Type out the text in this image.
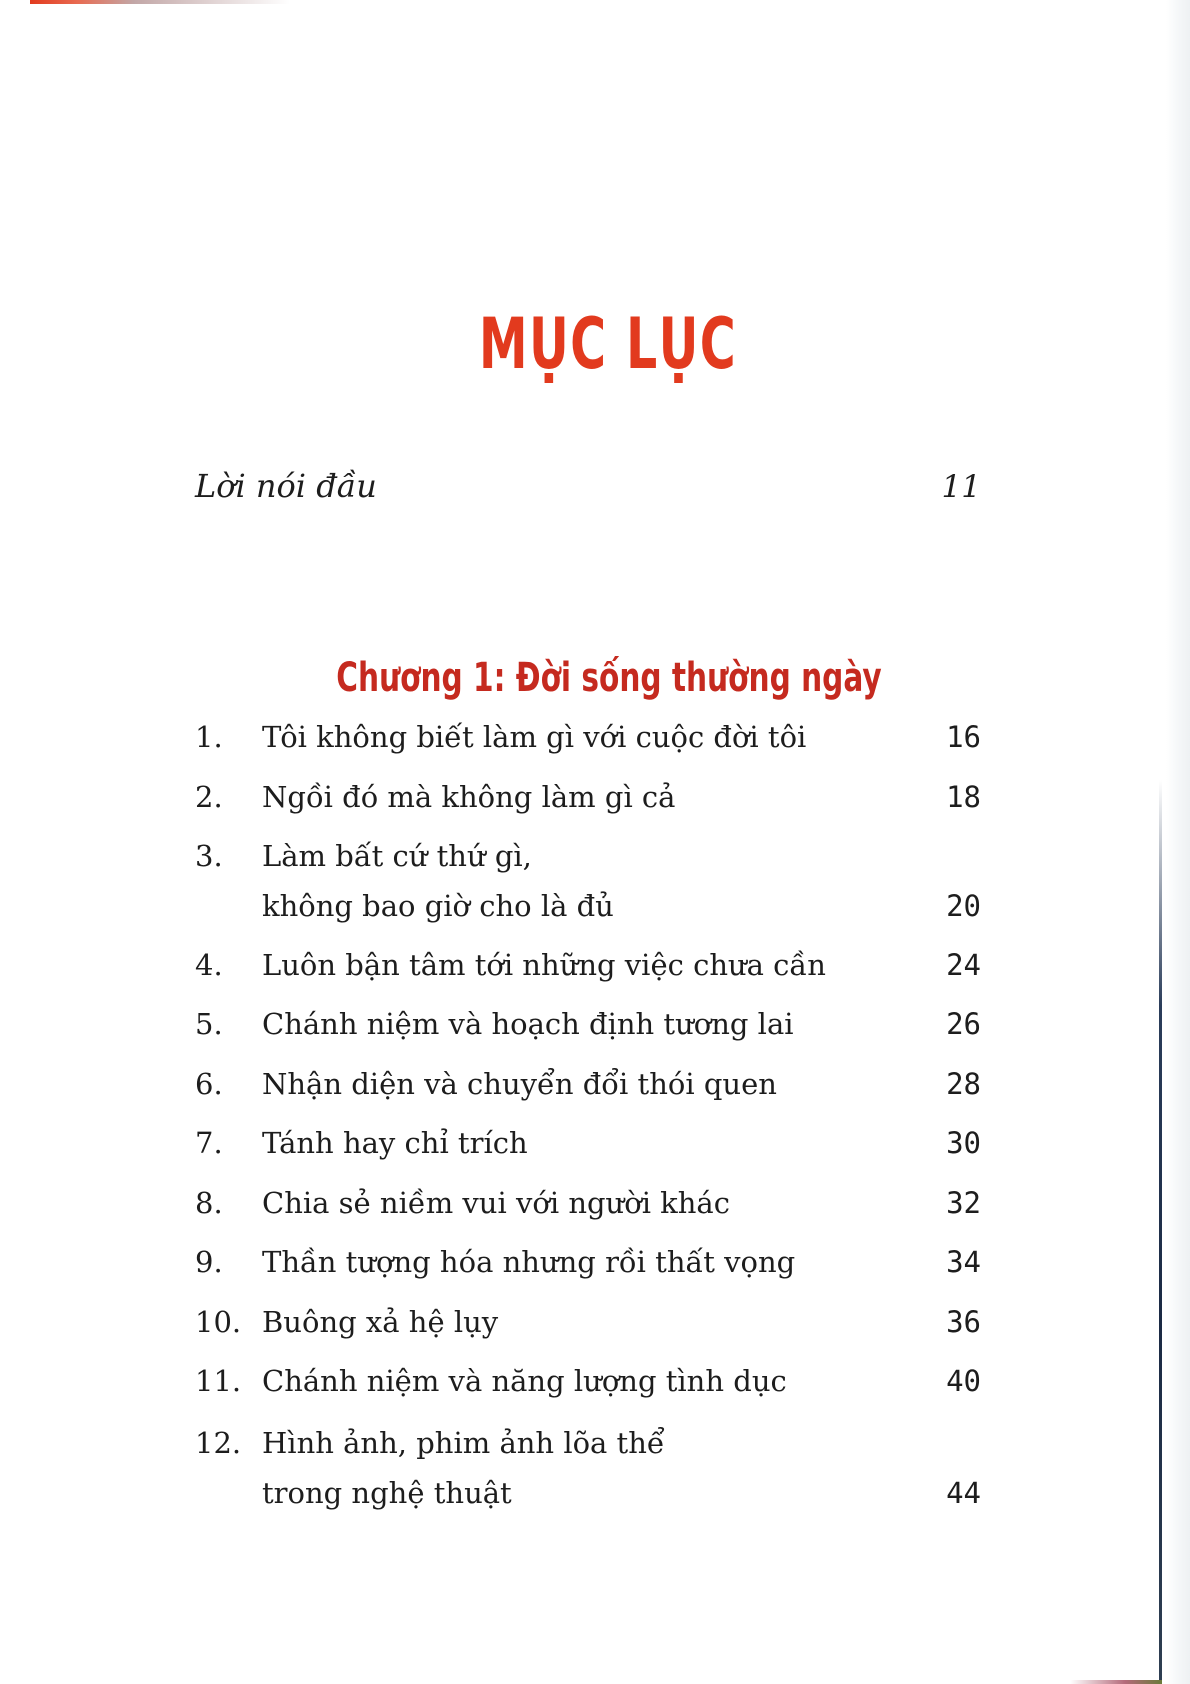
MỤC LỤC
Lời nói đầu	11
Chương 1: Đời sống thường ngày
1. Tôi không biết làm gì với cuộc đời tôi	16
2. Ngồi đó mà không làm gì cả	18
3. Làm bất cứ thứ gì,
không bao giờ cho là đủ	20
4. Luôn bận tâm tới những việc chưa cần	24
5. Chánh niệm và hoạch định tương lai	26
6. Nhận diện và chuyển đổi thói quen	28
7. Tánh hay chỉ trích	30
8. Chia sẻ niềm vui với người khác	32
9. Thần tượng hóa nhưng rồi thất vọng	34
10. Buông xả hệ lụy	36
11. Chánh niệm và năng lượng tình dục	40
12. Hình ảnh, phim ảnh lõa thể
trong nghệ thuật	44
